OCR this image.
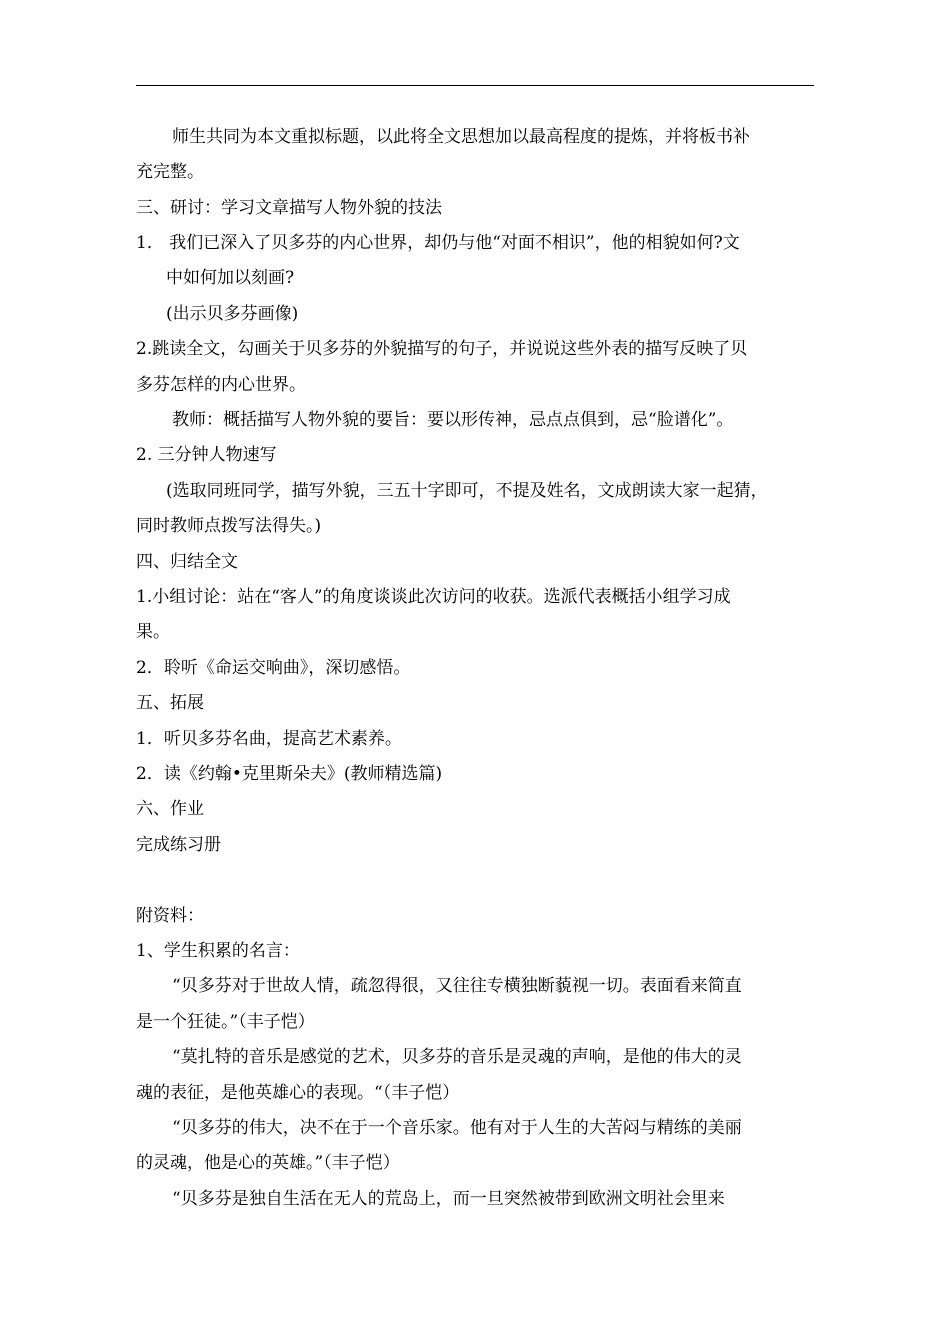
师生共同为本文重拟标题，以此将全文思想加以最高程度的提炼，并将板书补
充完整。
三、研讨：学习文章描写人物外貌的技法
1． 我们已深入了贝多芬的内心世界，却仍与他“对面不相识”，他的相貌如何?文
中如何加以刻画?
(出示贝多芬画像)
2.跳读全文，勾画关于贝多芬的外貌描写的句子，并说说这些外表的描写反映了贝
多芬怎样的内心世界。
教师：概括描写人物外貌的要旨：要以形传神，忌点点俱到，忌“脸谱化”。
2. 三分钟人物速写
(选取同班同学，描写外貌，三五十字即可，不提及姓名，文成朗读大家一起猜，
同时教师点拨写法得失。)
四、归结全文
1.小组讨论：站在“客人”的角度谈谈此次访问的收获。选派代表概括小组学习成
果。
2．聆听《命运交响曲》，深切感悟。
五、拓展
1．听贝多芬名曲，提高艺术素养。
2．读《约翰•克里斯朵夫》(教师精选篇)
六、作业
完成练习册
附资料：
1、学生积累的名言：
“贝多芬对于世故人情，疏忽得很，又往往专横独断藐视一切。表面看来简直
是一个狂徒。”（丰子恺）
“莫扎特的音乐是感觉的艺术，贝多芬的音乐是灵魂的声响，是他的伟大的灵
魂的表征，是他英雄心的表现。“（丰子恺）
“贝多芬的伟大，决不在于一个音乐家。他有对于人生的大苦闷与精练的美丽
的灵魂，他是心的英雄。”（丰子恺）
“贝多芬是独自生活在无人的荒岛上，而一旦突然被带到欧洲文明社会里来
